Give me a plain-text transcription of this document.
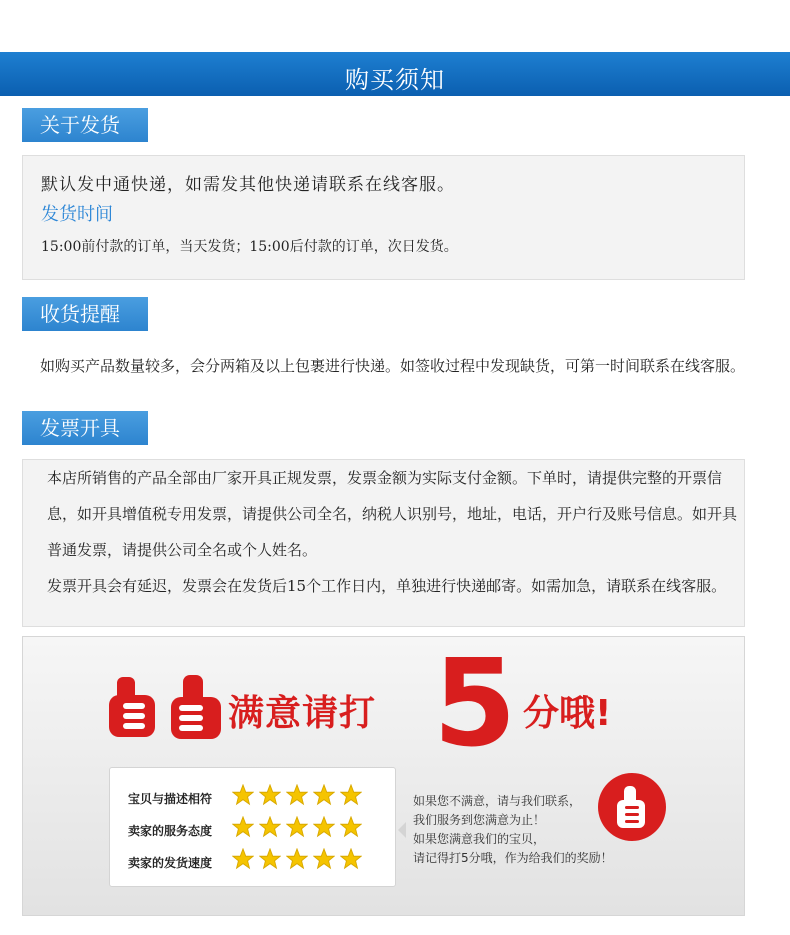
购买须知
关于发货
默认发中通快递，如需发其他快递请联系在线客服。
发货时间
15:00前付款的订单，当天发货；15:00后付款的订单，次日发货。
收货提醒
如购买产品数量较多，会分两箱及以上包裹进行快递。如签收过程中发现缺货，可第一时间联系在线客服。
发票开具
本店所销售的产品全部由厂家开具正规发票，发票金额为实际支付金额。下单时，请提供完整的开票信息，如开具增值税专用发票，请提供公司全名，纳税人识别号，地址，电话，开户行及账号信息。如开具普通发票，请提供公司全名或个人姓名。
发票开具会有延迟，发票会在发货后15个工作日内，单独进行快递邮寄。如需加急，请联系在线客服。
满意请打 5 分哦!
宝贝与描述相符
卖家的服务态度
卖家的发货速度
如果您不满意，请与我们联系，
我们服务到您满意为止！
如果您满意我们的宝贝，
请记得打5分哦，作为给我们的奖励！
